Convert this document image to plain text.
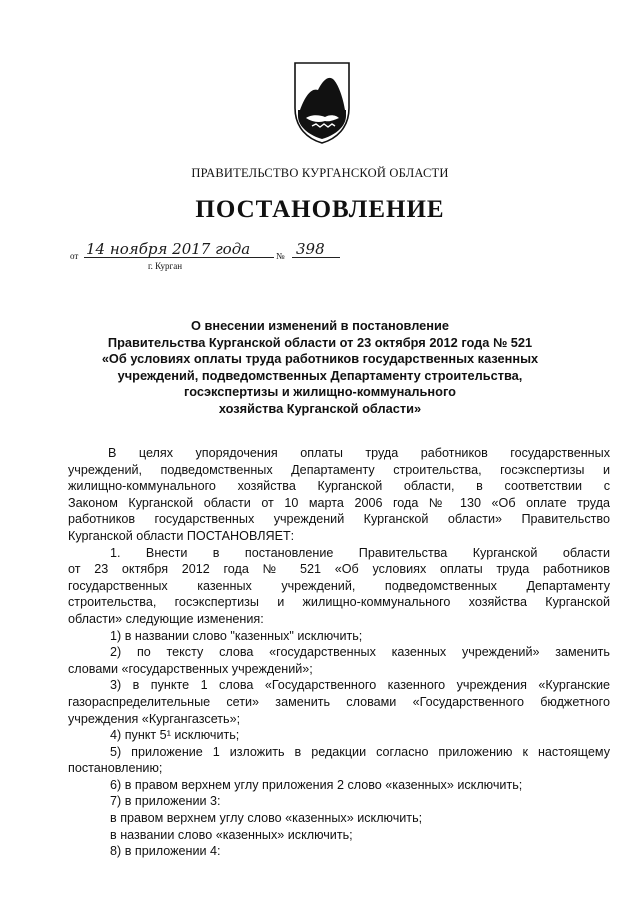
ПРАВИТЕЛЬСТВО КУРГАНСКОЙ ОБЛАСТИ
ПОСТАНОВЛЕНИЕ
от 14 ноября 2017 года	№ 398
г. Курган
О внесении изменений в постановление
Правительства Курганской области от 23 октября 2012 года № 521
«Об условиях оплаты труда работников государственных казенных
учреждений, подведомственных Департаменту строительства,
госэкспертизы и жилищно-коммунального
хозяйства Курганской области»
В целях упорядочения оплаты труда работников государственных
учреждений, подведомственных Департаменту строительства, госэкспертизы и
жилищно-коммунального хозяйства Курганской области, в соответствии с
Законом Курганской области от 10 марта 2006 года № 130 «Об оплате труда
работников государственных учреждений Курганской области» Правительство
Курганской области ПОСТАНОВЛЯЕТ:
1. Внести в постановление Правительства Курганской области
от 23 октября 2012 года № 521 «Об условиях оплаты труда работников
государственных казенных учреждений, подведомственных Департаменту
строительства, госэкспертизы и жилищно-коммунального хозяйства Курганской
области» следующие изменения:
1) в названии слово "казенных" исключить;
2) по тексту слова «государственных казенных учреждений» заменить
словами «государственных учреждений»;
3) в пункте 1 слова «Государственного казенного учреждения «Курганские
газораспределительные сети» заменить словами «Государственного бюджетного
учреждения «Кургангазсеть»;
4) пункт 5¹ исключить;
5) приложение 1 изложить в редакции согласно приложению к настоящему
постановлению;
6) в правом верхнем углу приложения 2 слово «казенных» исключить;
7) в приложении 3:
в правом верхнем углу слово «казенных» исключить;
в названии слово «казенных» исключить;
8) в приложении 4:
